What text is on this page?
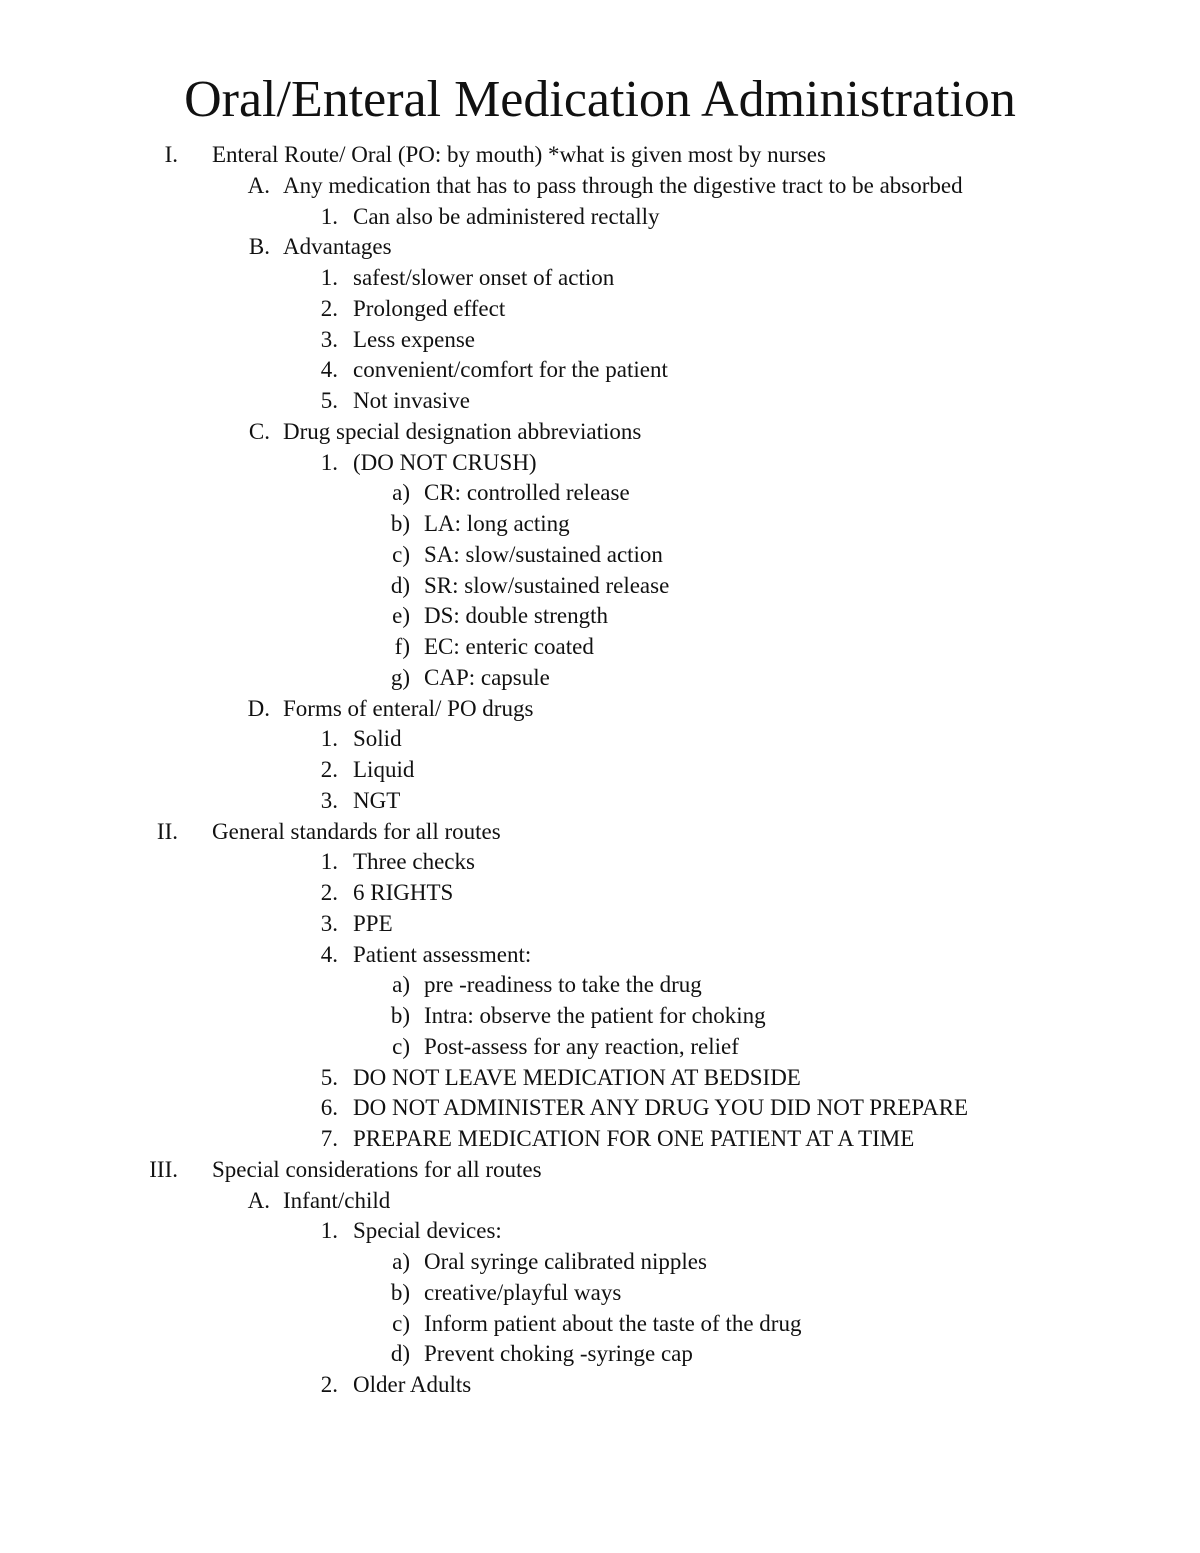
Oral/Enteral Medication Administration
I. Enteral Route/ Oral (PO: by mouth) *what is given most by nurses
A. Any medication that has to pass through the digestive tract to be absorbed
1. Can also be administered rectally
B. Advantages
1. safest/slower onset of action
2. Prolonged effect
3. Less expense
4. convenient/comfort for the patient
5. Not invasive
C. Drug special designation abbreviations
1. (DO NOT CRUSH)
a) CR: controlled release
b) LA: long acting
c) SA: slow/sustained action
d) SR: slow/sustained release
e) DS: double strength
f) EC: enteric coated
g) CAP: capsule
D. Forms of enteral/ PO drugs
1. Solid
2. Liquid
3. NGT
II. General standards for all routes
1. Three checks
2. 6 RIGHTS
3. PPE
4. Patient assessment:
a) pre -readiness to take the drug
b) Intra: observe the patient for choking
c) Post-assess for any reaction, relief
5. DO NOT LEAVE MEDICATION AT BEDSIDE
6. DO NOT ADMINISTER ANY DRUG YOU DID NOT PREPARE
7. PREPARE MEDICATION FOR ONE PATIENT AT A TIME
III. Special considerations for all routes
A. Infant/child
1. Special devices:
a) Oral syringe calibrated nipples
b) creative/playful ways
c) Inform patient about the taste of the drug
d) Prevent choking -syringe cap
2. Older Adults
